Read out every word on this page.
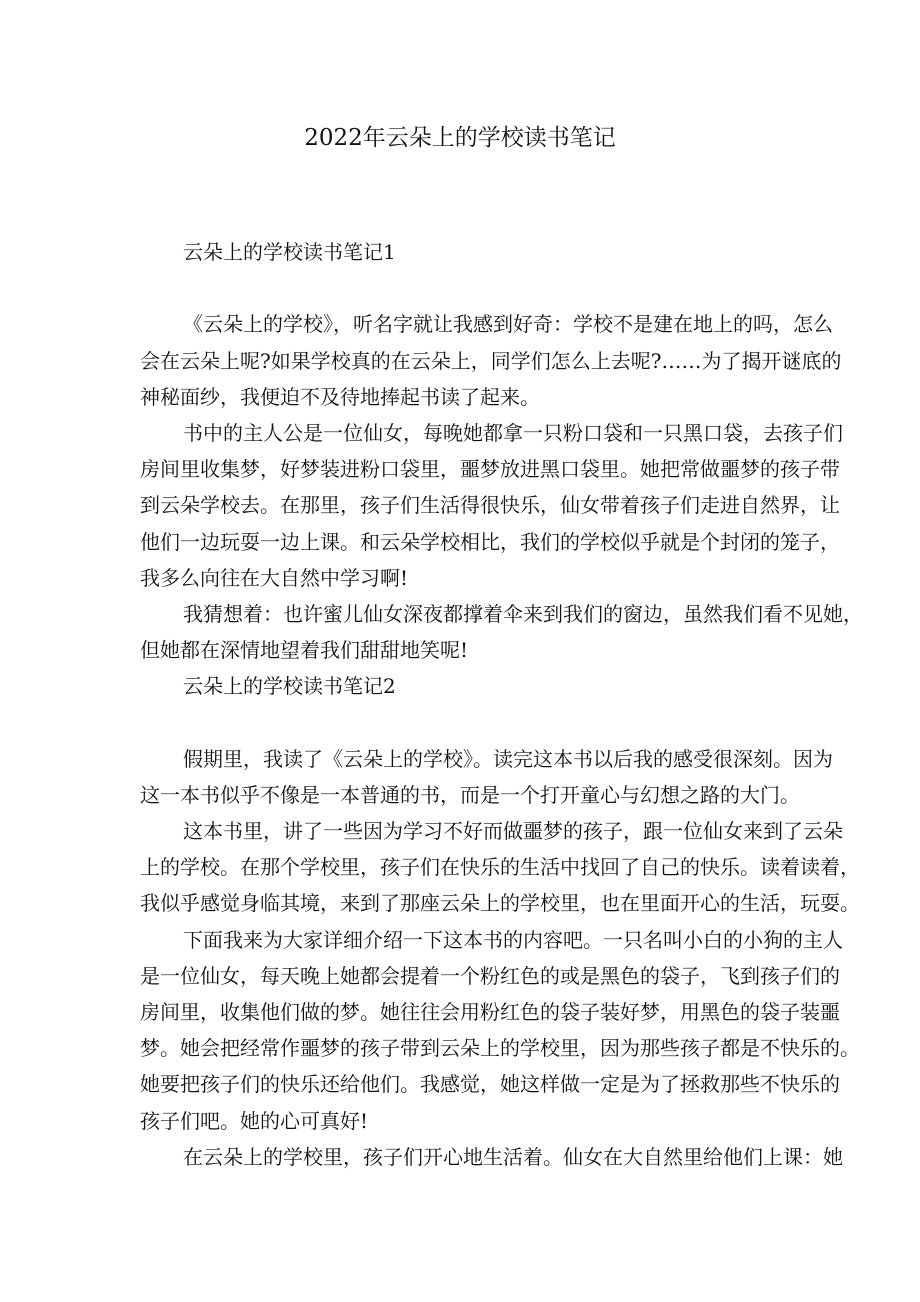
2022年云朵上的学校读书笔记
云朵上的学校读书笔记1
《云朵上的学校》，听名字就让我感到好奇：学校不是建在地上的吗，怎么
会在云朵上呢?如果学校真的在云朵上，同学们怎么上去呢?……为了揭开谜底的
神秘面纱，我便迫不及待地捧起书读了起来。
书中的主人公是一位仙女，每晚她都拿一只粉口袋和一只黑口袋，去孩子们
房间里收集梦，好梦装进粉口袋里，噩梦放进黑口袋里。她把常做噩梦的孩子带
到云朵学校去。在那里，孩子们生活得很快乐，仙女带着孩子们走进自然界，让
他们一边玩耍一边上课。和云朵学校相比，我们的学校似乎就是个封闭的笼子，
我多么向往在大自然中学习啊!
我猜想着：也许蜜儿仙女深夜都撑着伞来到我们的窗边，虽然我们看不见她，
但她都在深情地望着我们甜甜地笑呢!
云朵上的学校读书笔记2
假期里，我读了《云朵上的学校》。读完这本书以后我的感受很深刻。因为
这一本书似乎不像是一本普通的书，而是一个打开童心与幻想之路的大门。
这本书里，讲了一些因为学习不好而做噩梦的孩子，跟一位仙女来到了云朵
上的学校。在那个学校里，孩子们在快乐的生活中找回了自己的快乐。读着读着，
我似乎感觉身临其境，来到了那座云朵上的学校里，也在里面开心的生活，玩耍。
下面我来为大家详细介绍一下这本书的内容吧。一只名叫小白的小狗的主人
是一位仙女，每天晚上她都会提着一个粉红色的或是黑色的袋子，飞到孩子们的
房间里，收集他们做的梦。她往往会用粉红色的袋子装好梦，用黑色的袋子装噩
梦。她会把经常作噩梦的孩子带到云朵上的学校里，因为那些孩子都是不快乐的。
她要把孩子们的快乐还给他们。我感觉，她这样做一定是为了拯救那些不快乐的
孩子们吧。她的心可真好!
在云朵上的学校里，孩子们开心地生活着。仙女在大自然里给他们上课：她
